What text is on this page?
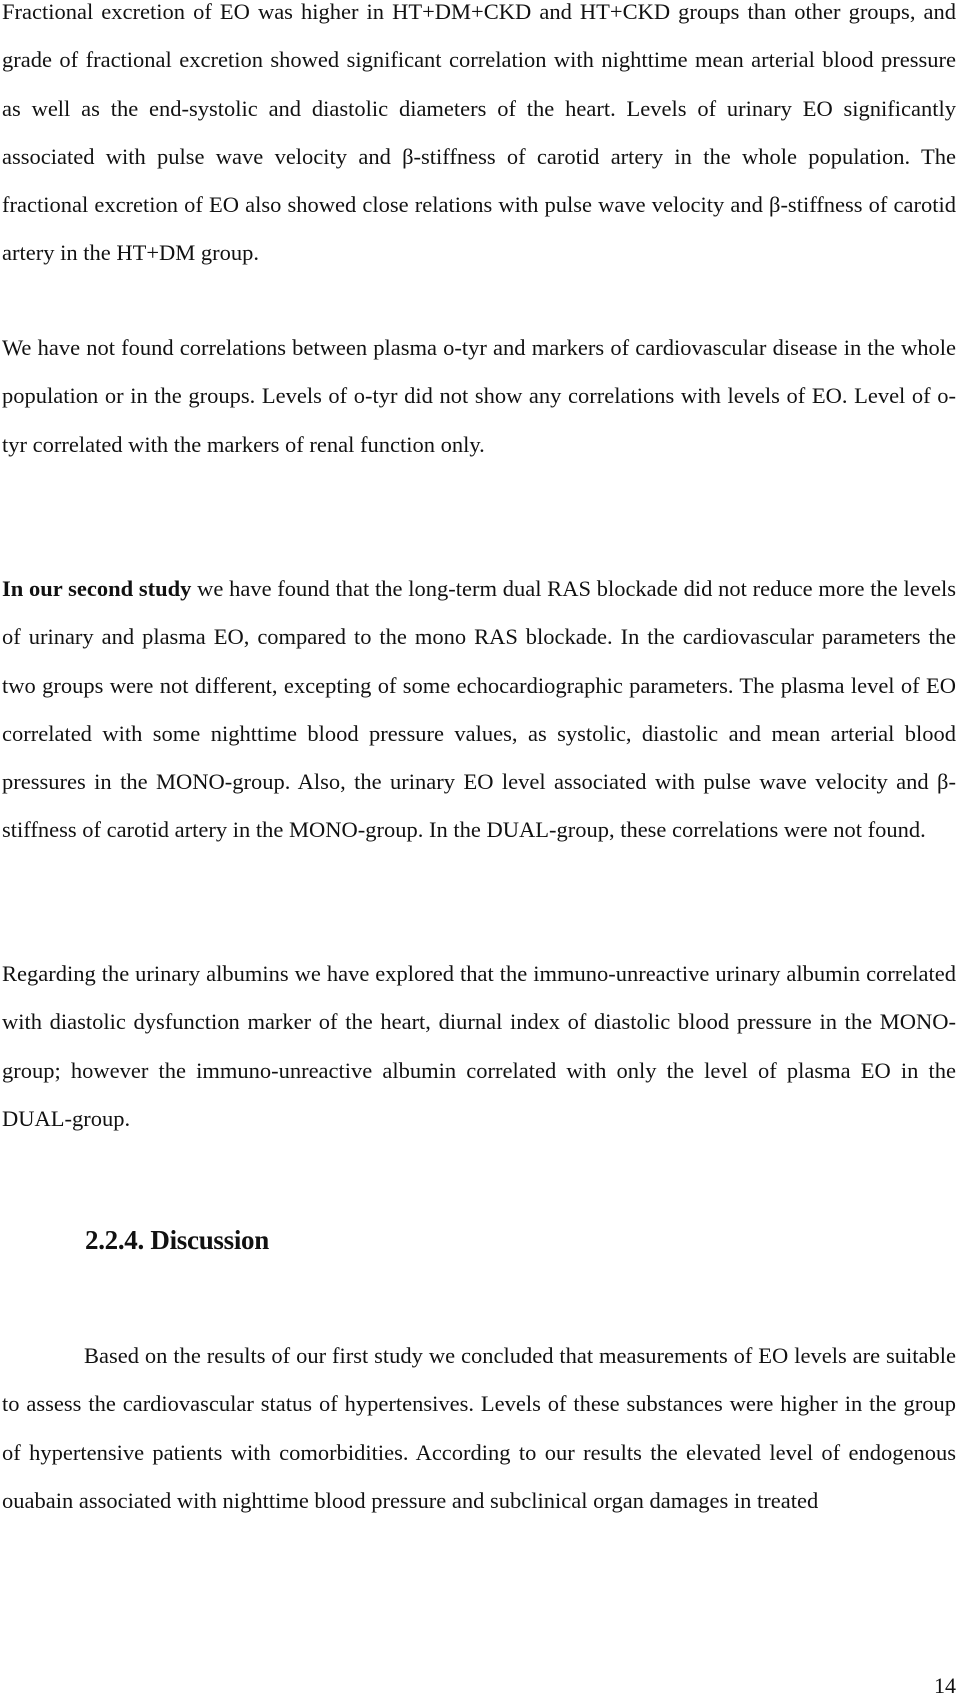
Fractional excretion of EO was higher in HT+DM+CKD and HT+CKD groups than other groups, and grade of fractional excretion showed significant correlation with nighttime mean arterial blood pressure as well as the end-systolic and diastolic diameters of the heart. Levels of urinary EO significantly associated with pulse wave velocity and β-stiffness of carotid artery in the whole population. The fractional excretion of EO also showed close relations with pulse wave velocity and β-stiffness of carotid artery in the HT+DM group.

We have not found correlations between plasma o-tyr and markers of cardiovascular disease in the whole population or in the groups. Levels of o-tyr did not show any correlations with levels of EO. Level of o-tyr correlated with the markers of renal function only.

In our second study we have found that the long-term dual RAS blockade did not reduce more the levels of urinary and plasma EO, compared to the mono RAS blockade. In the cardiovascular parameters the two groups were not different, excepting of some echocardiographic parameters. The plasma level of EO correlated with some nighttime blood pressure values, as systolic, diastolic and mean arterial blood pressures in the MONO-group. Also, the urinary EO level associated with pulse wave velocity and β-stiffness of carotid artery in the MONO-group. In the DUAL-group, these correlations were not found.

Regarding the urinary albumins we have explored that the immuno-unreactive urinary albumin correlated with diastolic dysfunction marker of the heart, diurnal index of diastolic blood pressure in the MONO-group; however the immuno-unreactive albumin correlated with only the level of plasma EO in the DUAL-group.

2.2.4. Discussion

Based on the results of our first study we concluded that measurements of EO levels are suitable to assess the cardiovascular status of hypertensives. Levels of these substances were higher in the group of hypertensive patients with comorbidities. According to our results the elevated level of endogenous ouabain associated with nighttime blood pressure and subclinical organ damages in treated

14
